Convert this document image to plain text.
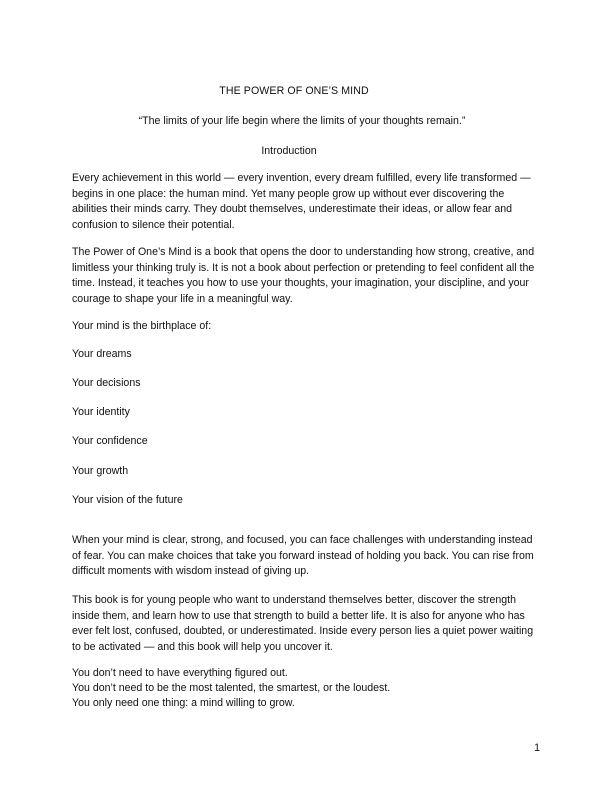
THE POWER OF ONE’S MIND
“The limits of your life begin where the limits of your thoughts remain.”
Introduction

Every achievement in this world — every invention, every dream fulfilled, every life transformed — begins in one place: the human mind. Yet many people grow up without ever discovering the abilities their minds carry. They doubt themselves, underestimate their ideas, or allow fear and confusion to silence their potential.

The Power of One’s Mind is a book that opens the door to understanding how strong, creative, and limitless your thinking truly is. It is not a book about perfection or pretending to feel confident all the time. Instead, it teaches you how to use your thoughts, your imagination, your discipline, and your courage to shape your life in a meaningful way.

Your mind is the birthplace of:

Your dreams
Your decisions
Your identity
Your confidence
Your growth
Your vision of the future

When your mind is clear, strong, and focused, you can face challenges with understanding instead of fear. You can make choices that take you forward instead of holding you back. You can rise from difficult moments with wisdom instead of giving up.

This book is for young people who want to understand themselves better, discover the strength inside them, and learn how to use that strength to build a better life. It is also for anyone who has ever felt lost, confused, doubted, or underestimated. Inside every person lies a quiet power waiting to be activated — and this book will help you uncover it.

You don’t need to have everything figured out.
You don’t need to be the most talented, the smartest, or the loudest.
You only need one thing: a mind willing to grow.
1
